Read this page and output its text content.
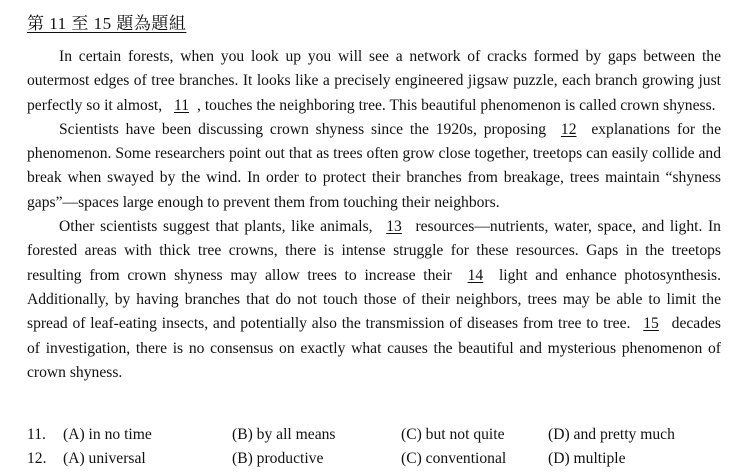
第 11 至 15 題為題組

In certain forests, when you look up you will see a network of cracks formed by gaps between the outermost edges of tree branches. It looks like a precisely engineered jigsaw puzzle, each branch growing just perfectly so it almost, 11 , touches the neighboring tree. This beautiful phenomenon is called crown shyness.

Scientists have been discussing crown shyness since the 1920s, proposing 12 explanations for the phenomenon. Some researchers point out that as trees often grow close together, treetops can easily collide and break when swayed by the wind. In order to protect their branches from breakage, trees maintain “shyness gaps”—spaces large enough to prevent them from touching their neighbors.

Other scientists suggest that plants, like animals, 13 resources—nutrients, water, space, and light. In forested areas with thick tree crowns, there is intense struggle for these resources. Gaps in the treetops resulting from crown shyness may allow trees to increase their 14 light and enhance photosynthesis. Additionally, by having branches that do not touch those of their neighbors, trees may be able to limit the spread of leaf-eating insects, and potentially also the transmission of diseases from tree to tree. 15 decades of investigation, there is no consensus on exactly what causes the beautiful and mysterious phenomenon of crown shyness.

11. (A) in no time	(B) by all means	(C) but not quite	(D) and pretty much
12. (A) universal	(B) productive	(C) conventional	(D) multiple
